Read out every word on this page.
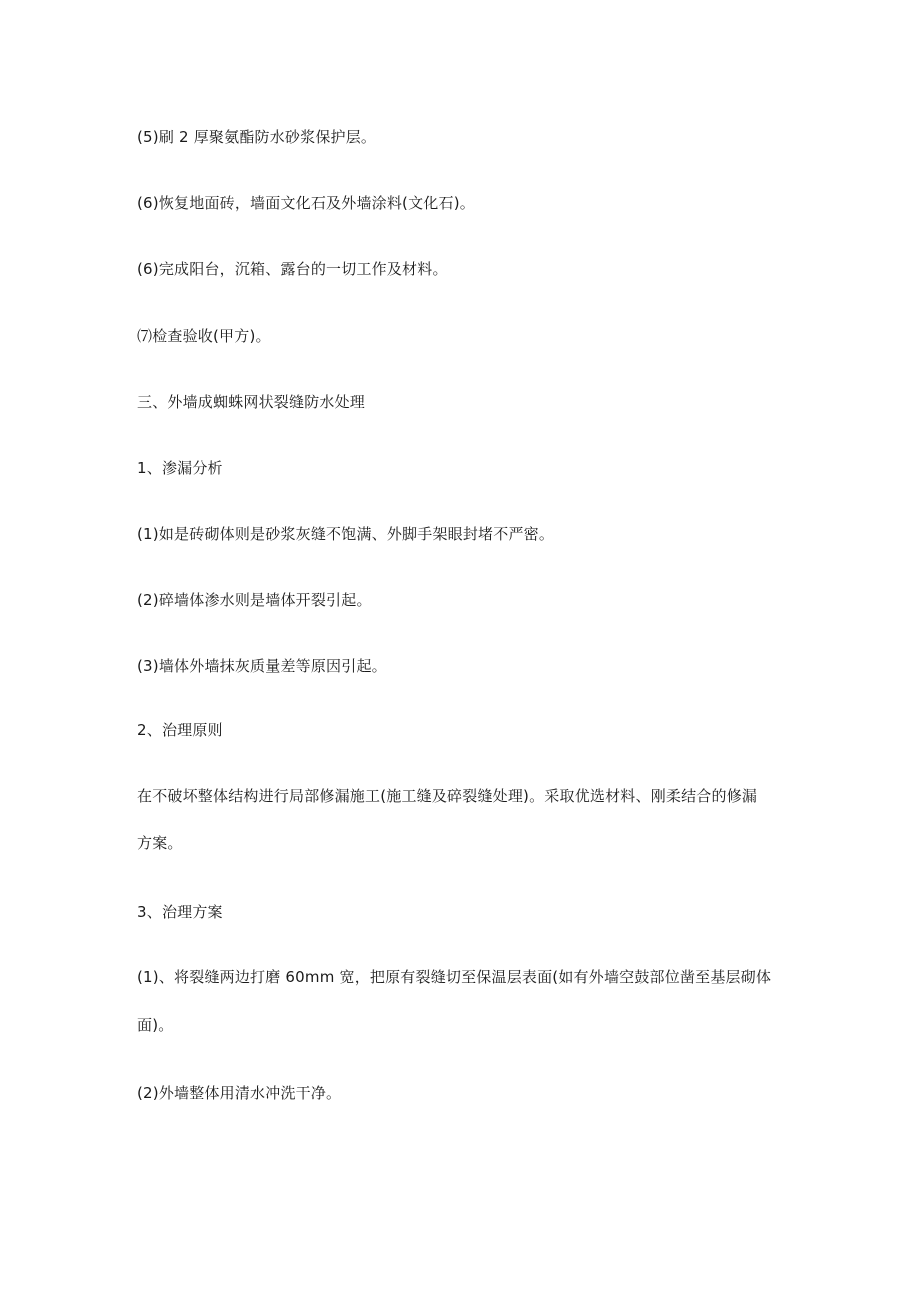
(5)刷 2 厚聚氨酯防水砂浆保护层。
(6)恢复地面砖，墙面文化石及外墙涂料(文化石)。
(6)完成阳台，沉箱、露台的一切工作及材料。
⑺检查验收(甲方)。
三、外墙成蜘蛛网状裂缝防水处理
1、渗漏分析
(1)如是砖砌体则是砂浆灰缝不饱满、外脚手架眼封堵不严密。
(2)碎墙体渗水则是墙体开裂引起。
(3)墙体外墙抹灰质量差等原因引起。
2、治理原则
在不破坏整体结构进行局部修漏施工(施工缝及碎裂缝处理)。采取优选材料、刚柔结合的修漏
方案。
3、治理方案
(1)、将裂缝两边打磨 60mm 宽，把原有裂缝切至保温层表面(如有外墙空鼓部位凿至基层砌体
面)。
(2)外墙整体用清水冲洗干净。
